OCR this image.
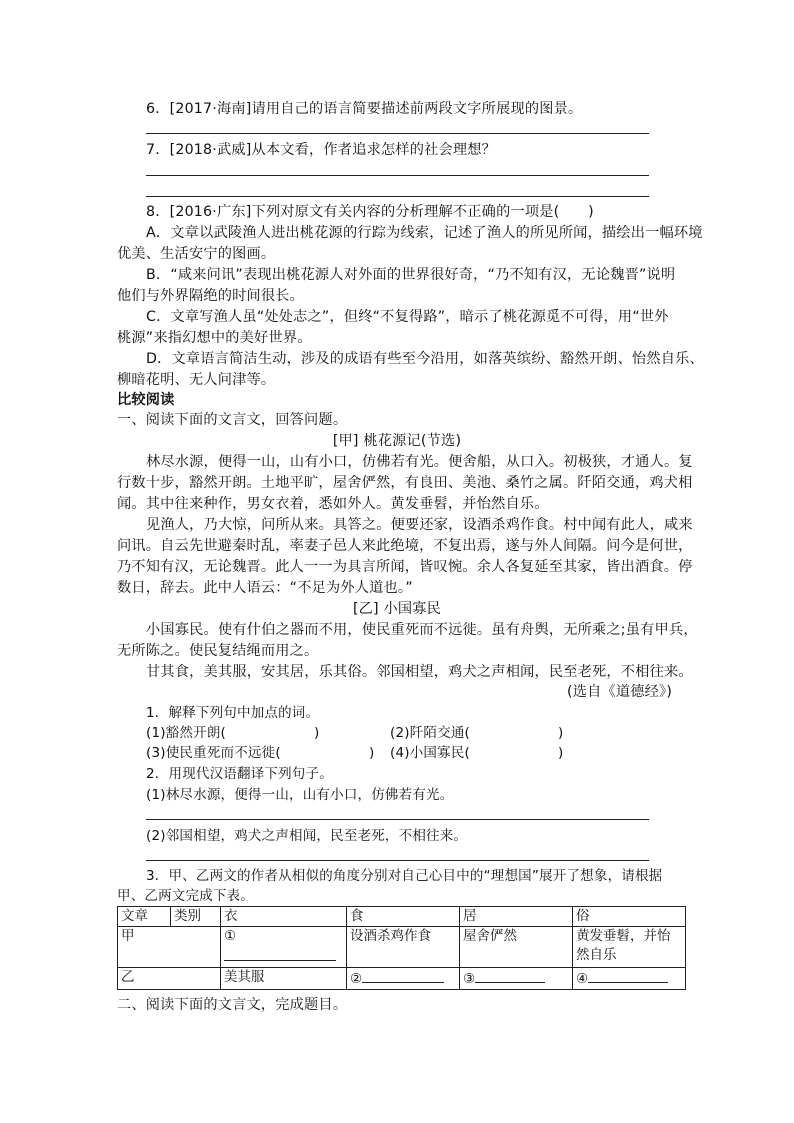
6．[2017·海南]请用自己的语言简要描述前两段文字所展现的图景。
7．[2018·武威]从本文看，作者追求怎样的社会理想？
8．[2016·广东]下列对原文有关内容的分析理解不正确的一项是(　　)
A．文章以武陵渔人进出桃花源的行踪为线索，记述了渔人的所见所闻，描绘出一幅环境
优美、生活安宁的图画。
B．“咸来问讯”表现出桃花源人对外面的世界很好奇，“乃不知有汉，无论魏晋”说明
他们与外界隔绝的时间很长。
C．文章写渔人虽“处处志之”，但终“不复得路”，暗示了桃花源觅不可得，用“世外
桃源”来指幻想中的美好世界。
D．文章语言简洁生动，涉及的成语有些至今沿用，如落英缤纷、豁然开朗、怡然自乐、
柳暗花明、无人问津等。
比较阅读
一、阅读下面的文言文，回答问题。
[甲] 桃花源记(节选)
林尽水源，便得一山，山有小口，仿佛若有光。便舍船，从口入。初极狭，才通人。复
行数十步，豁然开朗。土地平旷，屋舍俨然，有良田、美池、桑竹之属。阡陌交通，鸡犬相
闻。其中往来种作，男女衣着，悉如外人。黄发垂髫，并怡然自乐。
见渔人，乃大惊，问所从来。具答之。便要还家，设酒杀鸡作食。村中闻有此人，咸来
问讯。自云先世避秦时乱，率妻子邑人来此绝境，不复出焉，遂与外人间隔。问今是何世，
乃不知有汉，无论魏晋。此人一一为具言所闻，皆叹惋。余人各复延至其家，皆出酒食。停
数日，辞去。此中人语云：“不足为外人道也。”
[乙] 小国寡民
小国寡民。使有什伯之器而不用，使民重死而不远徙。虽有舟舆，无所乘之;虽有甲兵，
无所陈之。使民复结绳而用之。
甘其食，美其服，安其居，乐其俗。邻国相望，鸡犬之声相闻，民至老死，不相往来。
(选自《道德经》)
1．解释下列句中加点的词。
(1)豁然开朗(	)	(2)阡陌交通(	)
(3)使民重死而不远徙(	) (4)小国寡民(	)
2．用现代汉语翻译下列句子。
(1)林尽水源，便得一山，山有小口，仿佛若有光。
(2)邻国相望，鸡犬之声相闻，民至老死，不相往来。
3．甲、乙两文的作者从相似的角度分别对自己心目中的“理想国”展开了想象，请根据
甲、乙两文完成下表。
文章	类别	衣	食	居	俗
甲		①	设酒杀鸡作食	屋舍俨然	黄发垂髫，并怡
然自乐
乙		美其服	②	③	④
二、阅读下面的文言文，完成题目。
